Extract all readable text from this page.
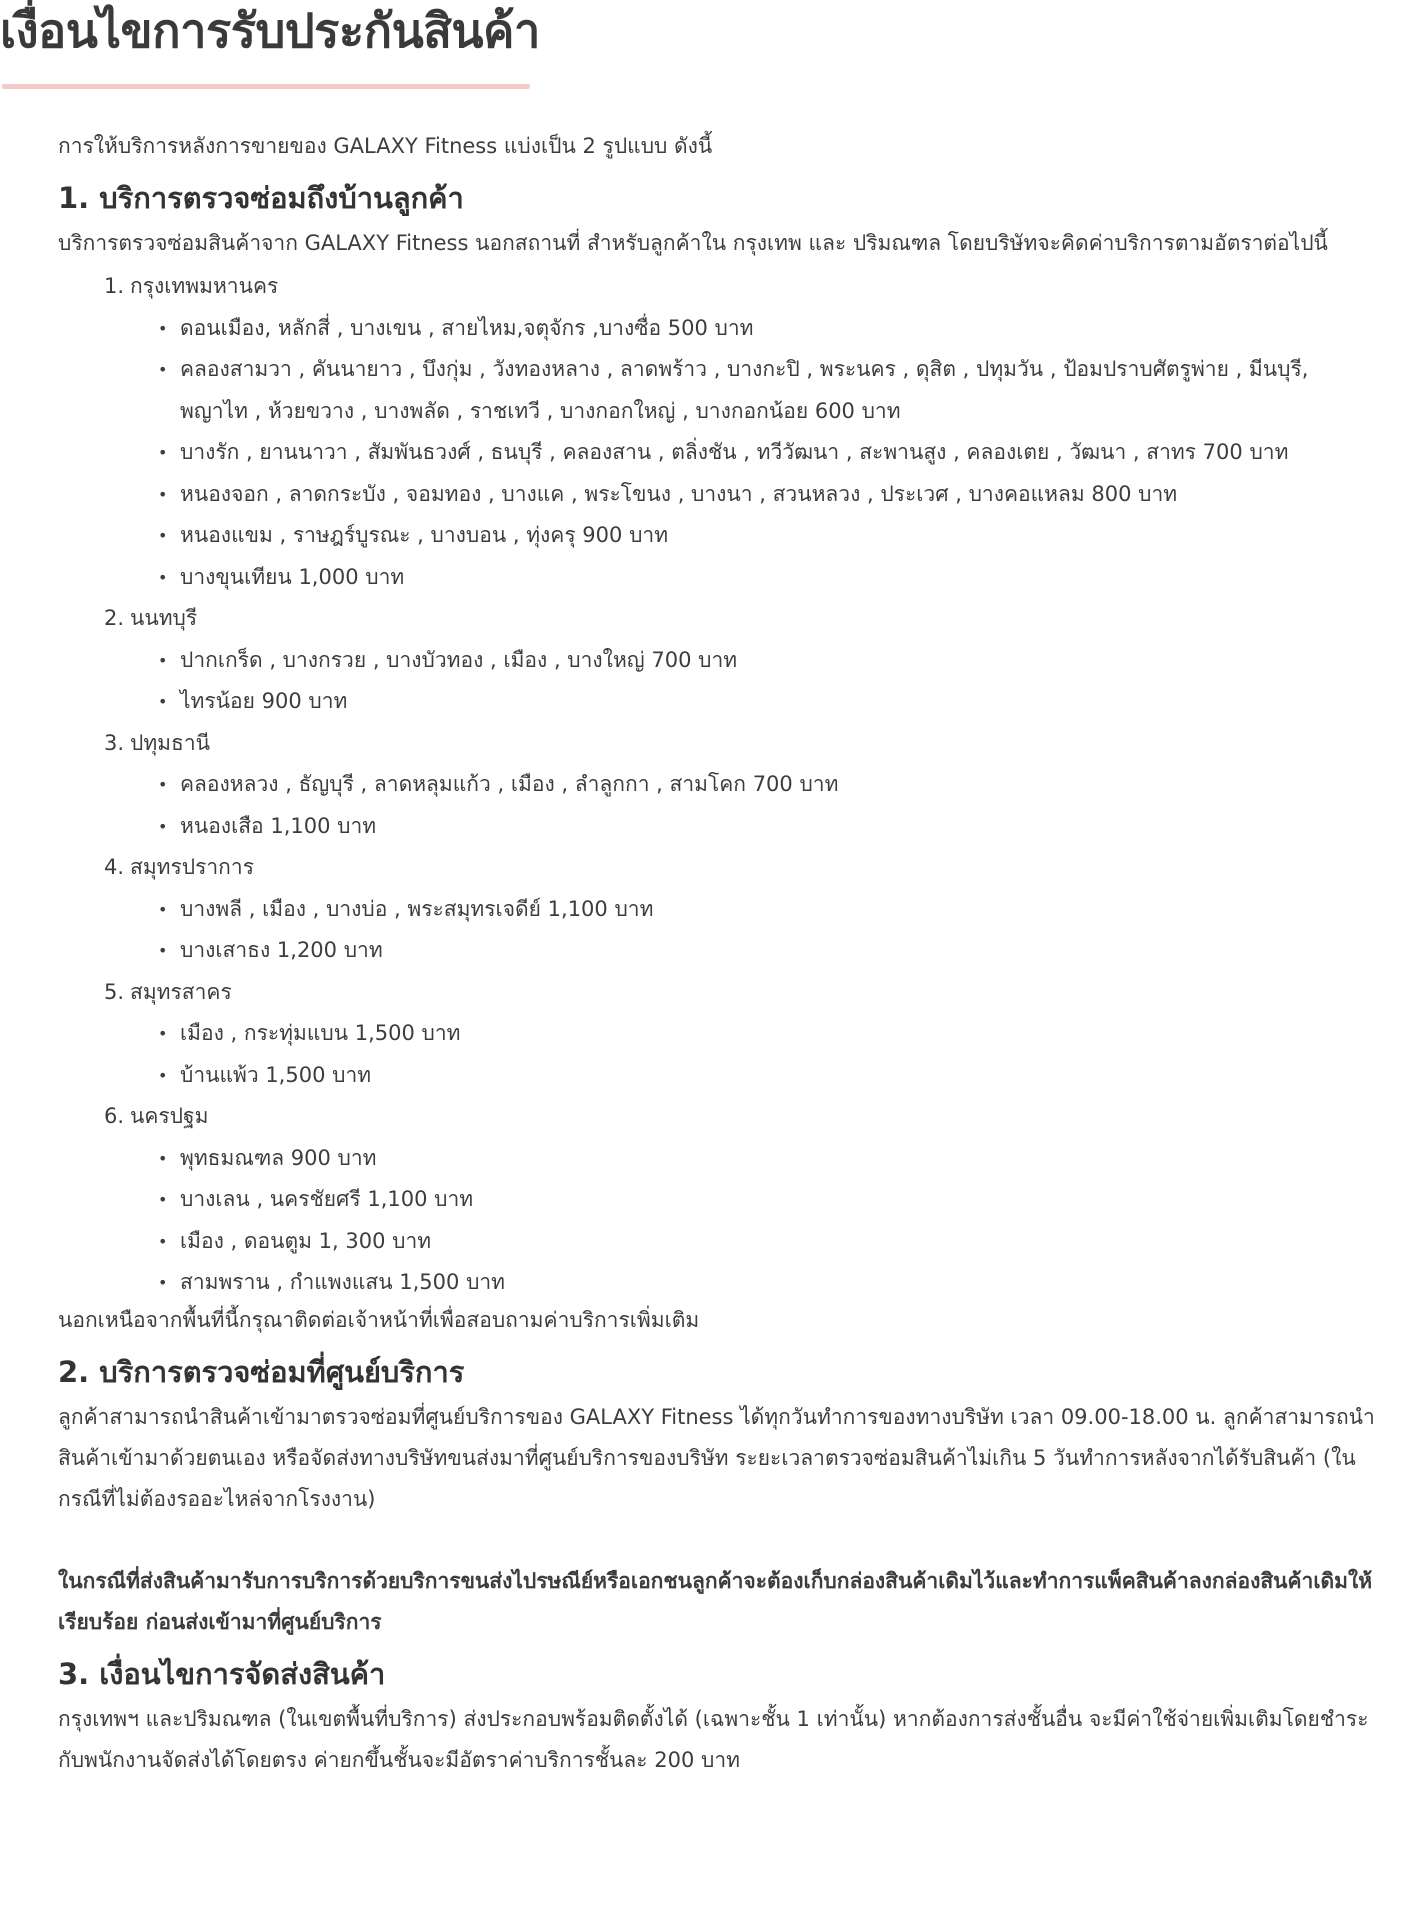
เงื่อนไขการรับประกันสินค้า

การให้บริการหลังการขายของ GALAXY Fitness แบ่งเป็น 2 รูปแบบ ดังนี้

1. บริการตรวจซ่อมถึงบ้านลูกค้า

บริการตรวจซ่อมสินค้าจาก GALAXY Fitness นอกสถานที่ สำหรับลูกค้าใน กรุงเทพ และ ปริมณฑล โดยบริษัทจะคิดค่าบริการตามอัตราต่อไปนี้

1. กรุงเทพมหานคร
• ดอนเมือง, หลักสี่ , บางเขน , สายไหม,จตุจักร ,บางซื่อ 500 บาท
• คลองสามวา , คันนายาว , บึงกุ่ม , วังทองหลาง , ลาดพร้าว , บางกะปิ , พระนคร , ดุสิต , ปทุมวัน , ป้อมปราบศัตรูพ่าย , มีนบุรี, พญาไท , ห้วยขวาง , บางพลัด , ราชเทวี , บางกอกใหญ่ , บางกอกน้อย 600 บาท
• บางรัก , ยานนาวา , สัมพันธวงศ์ , ธนบุรี , คลองสาน , ตลิ่งชัน , ทวีวัฒนา , สะพานสูง , คลองเตย , วัฒนา , สาทร 700 บาท
• หนองจอก , ลาดกระบัง , จอมทอง , บางแค , พระโขนง , บางนา , สวนหลวง , ประเวศ , บางคอแหลม 800 บาท
• หนองแขม , ราษฎร์บูรณะ , บางบอน , ทุ่งครุ 900 บาท
• บางขุนเทียน 1,000 บาท
2. นนทบุรี
• ปากเกร็ด , บางกรวย , บางบัวทอง , เมือง , บางใหญ่ 700 บาท
• ไทรน้อย 900 บาท
3. ปทุมธานี
• คลองหลวง , ธัญบุรี , ลาดหลุมแก้ว , เมือง , ลำลูกกา , สามโคก 700 บาท
• หนองเสือ 1,100 บาท
4. สมุทรปราการ
• บางพลี , เมือง , บางบ่อ , พระสมุทรเจดีย์ 1,100 บาท
• บางเสาธง 1,200 บาท
5. สมุทรสาคร
• เมือง , กระทุ่มแบน 1,500 บาท
• บ้านแพ้ว 1,500 บาท
6. นครปฐม
• พุทธมณฑล 900 บาท
• บางเลน , นครชัยศรี 1,100 บาท
• เมือง , ดอนตูม 1, 300 บาท
• สามพราน , กำแพงแสน 1,500 บาท

นอกเหนือจากพื้นที่นี้กรุณาติดต่อเจ้าหน้าที่เพื่อสอบถามค่าบริการเพิ่มเติม

2. บริการตรวจซ่อมที่ศูนย์บริการ

ลูกค้าสามารถนำสินค้าเข้ามาตรวจซ่อมที่ศูนย์บริการของ GALAXY Fitness ได้ทุกวันทำการของทางบริษัท เวลา 09.00-18.00 น. ลูกค้าสามารถนำสินค้าเข้ามาด้วยตนเอง หรือจัดส่งทางบริษัทขนส่งมาที่ศูนย์บริการของบริษัท ระยะเวลาตรวจซ่อมสินค้าไม่เกิน 5 วันทำการหลังจากได้รับสินค้า (ในกรณีที่ไม่ต้องรออะไหล่จากโรงงาน)

ในกรณีที่ส่งสินค้ามารับการบริการด้วยบริการขนส่งไปรษณีย์หรือเอกชนลูกค้าจะต้องเก็บกล่องสินค้าเดิมไว้และทำการแพ็คสินค้าลงกล่องสินค้าเดิมให้เรียบร้อย ก่อนส่งเข้ามาที่ศูนย์บริการ

3. เงื่อนไขการจัดส่งสินค้า

กรุงเทพฯ และปริมณฑล (ในเขตพื้นที่บริการ) ส่งประกอบพร้อมติดตั้งได้ (เฉพาะชั้น 1 เท่านั้น) หากต้องการส่งชั้นอื่น จะมีค่าใช้จ่ายเพิ่มเติมโดยชำระกับพนักงานจัดส่งได้โดยตรง ค่ายกขึ้นชั้นจะมีอัตราค่าบริการชั้นละ 200 บาท
